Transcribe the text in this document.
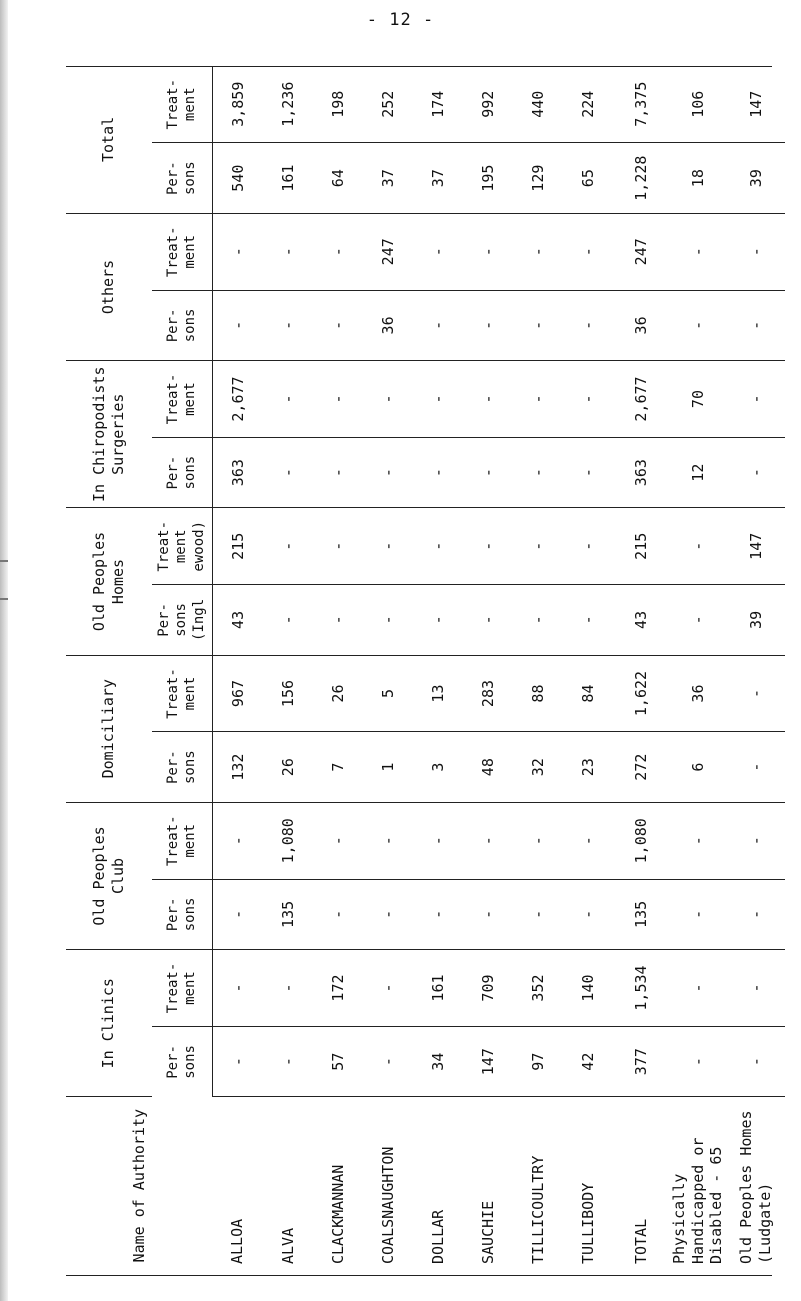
- 12 -
Name of Authority	In Clinics		Old Peoples Club		Domiciliary		Old Peoples Homes		In Chiropodists Surgeries		Others		Total	
	Per- sons	Treat- ment	Per- sons	Treat- ment	Per- sons	Treat- ment	Per- sons (Ingl	Treat- ment ewood)	Per- sons	Treat- ment	Per- sons	Treat- ment	Per- sons	Treat- ment
ALLOA	-	-	-	-	132	967	43	215	363	2,677	-	-	540	3,859
ALVA	-	-	135	1,080	26	156	-	-	-	-	-	-	161	1,236
CLACKMANNAN	57	172	-	-	7	26	-	-	-	-	-	-	64	198
COALSNAUGHTON	-	-	-	-	1	5	-	-	-	-	36	247	37	252
DOLLAR	34	161	-	-	3	13	-	-	-	-	-	-	37	174
SAUCHIE	147	709	-	-	48	283	-	-	-	-	-	-	195	992
TILLICOULTRY	97	352	-	-	32	88	-	-	-	-	-	-	129	440
TULLIBODY	42	140	-	-	23	84	-	-	-	-	-	-	65	224
TOTAL	377	1,534	135	1,080	272	1,622	43	215	363	2,677	36	247	1,228	7,375
Physically Handicapped or Disabled - 65	-	-	-	-	6	36	-	-	12	70	-	-	18	106
Old Peoples Homes (Ludgate)	-	-	-	-	-	-	39	147	-	-	-	-	39	147
